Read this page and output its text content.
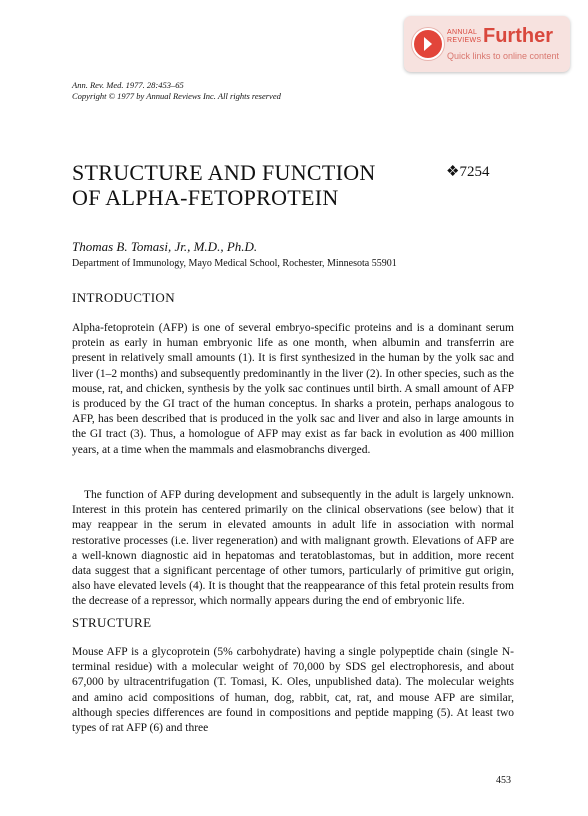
ANNUAL
REVIEWS Further
Quick links to online content
Ann. Rev. Med. 1977. 28:453–65
Copyright © 1977 by Annual Reviews Inc. All rights reserved
STRUCTURE AND FUNCTION
OF ALPHA-FETOPROTEIN
❖7254
Thomas B. Tomasi, Jr., M.D., Ph.D.
Department of Immunology, Mayo Medical School, Rochester, Minnesota 55901
INTRODUCTION

Alpha-fetoprotein (AFP) is one of several embryo-specific proteins and is a dominant serum protein as early in human embryonic life as one month, when albumin and transferrin are present in relatively small amounts (1). It is first synthesized in the human by the yolk sac and liver (1–2 months) and subsequently predominantly in the liver (2). In other species, such as the mouse, rat, and chicken, synthesis by the yolk sac continues until birth. A small amount of AFP is produced by the GI tract of the human conceptus. In sharks a protein, perhaps analogous to AFP, has been described that is produced in the yolk sac and liver and also in large amounts in the GI tract (3). Thus, a homologue of AFP may exist as far back in evolution as 400 million years, at a time when the mammals and elasmobranchs diverged.

The function of AFP during development and subsequently in the adult is largely unknown. Interest in this protein has centered primarily on the clinical observations (see below) that it may reappear in the serum in elevated amounts in adult life in association with normal restorative processes (i.e. liver regeneration) and with malignant growth. Elevations of AFP are a well-known diagnostic aid in hepatomas and teratoblastomas, but in addition, more recent data suggest that a significant percentage of other tumors, particularly of primitive gut origin, also have elevated levels (4). It is thought that the reappearance of this fetal protein results from the decrease of a repressor, which normally appears during the end of embryonic life.

STRUCTURE

Mouse AFP is a glycoprotein (5% carbohydrate) having a single polypeptide chain (single N-terminal residue) with a molecular weight of 70,000 by SDS gel electrophoresis, and about 67,000 by ultracentrifugation (T. Tomasi, K. Oles, unpublished data). The molecular weights and amino acid compositions of human, dog, rabbit, cat, rat, and mouse AFP are similar, although species differences are found in compositions and peptide mapping (5). At least two types of rat AFP (6) and three

453
